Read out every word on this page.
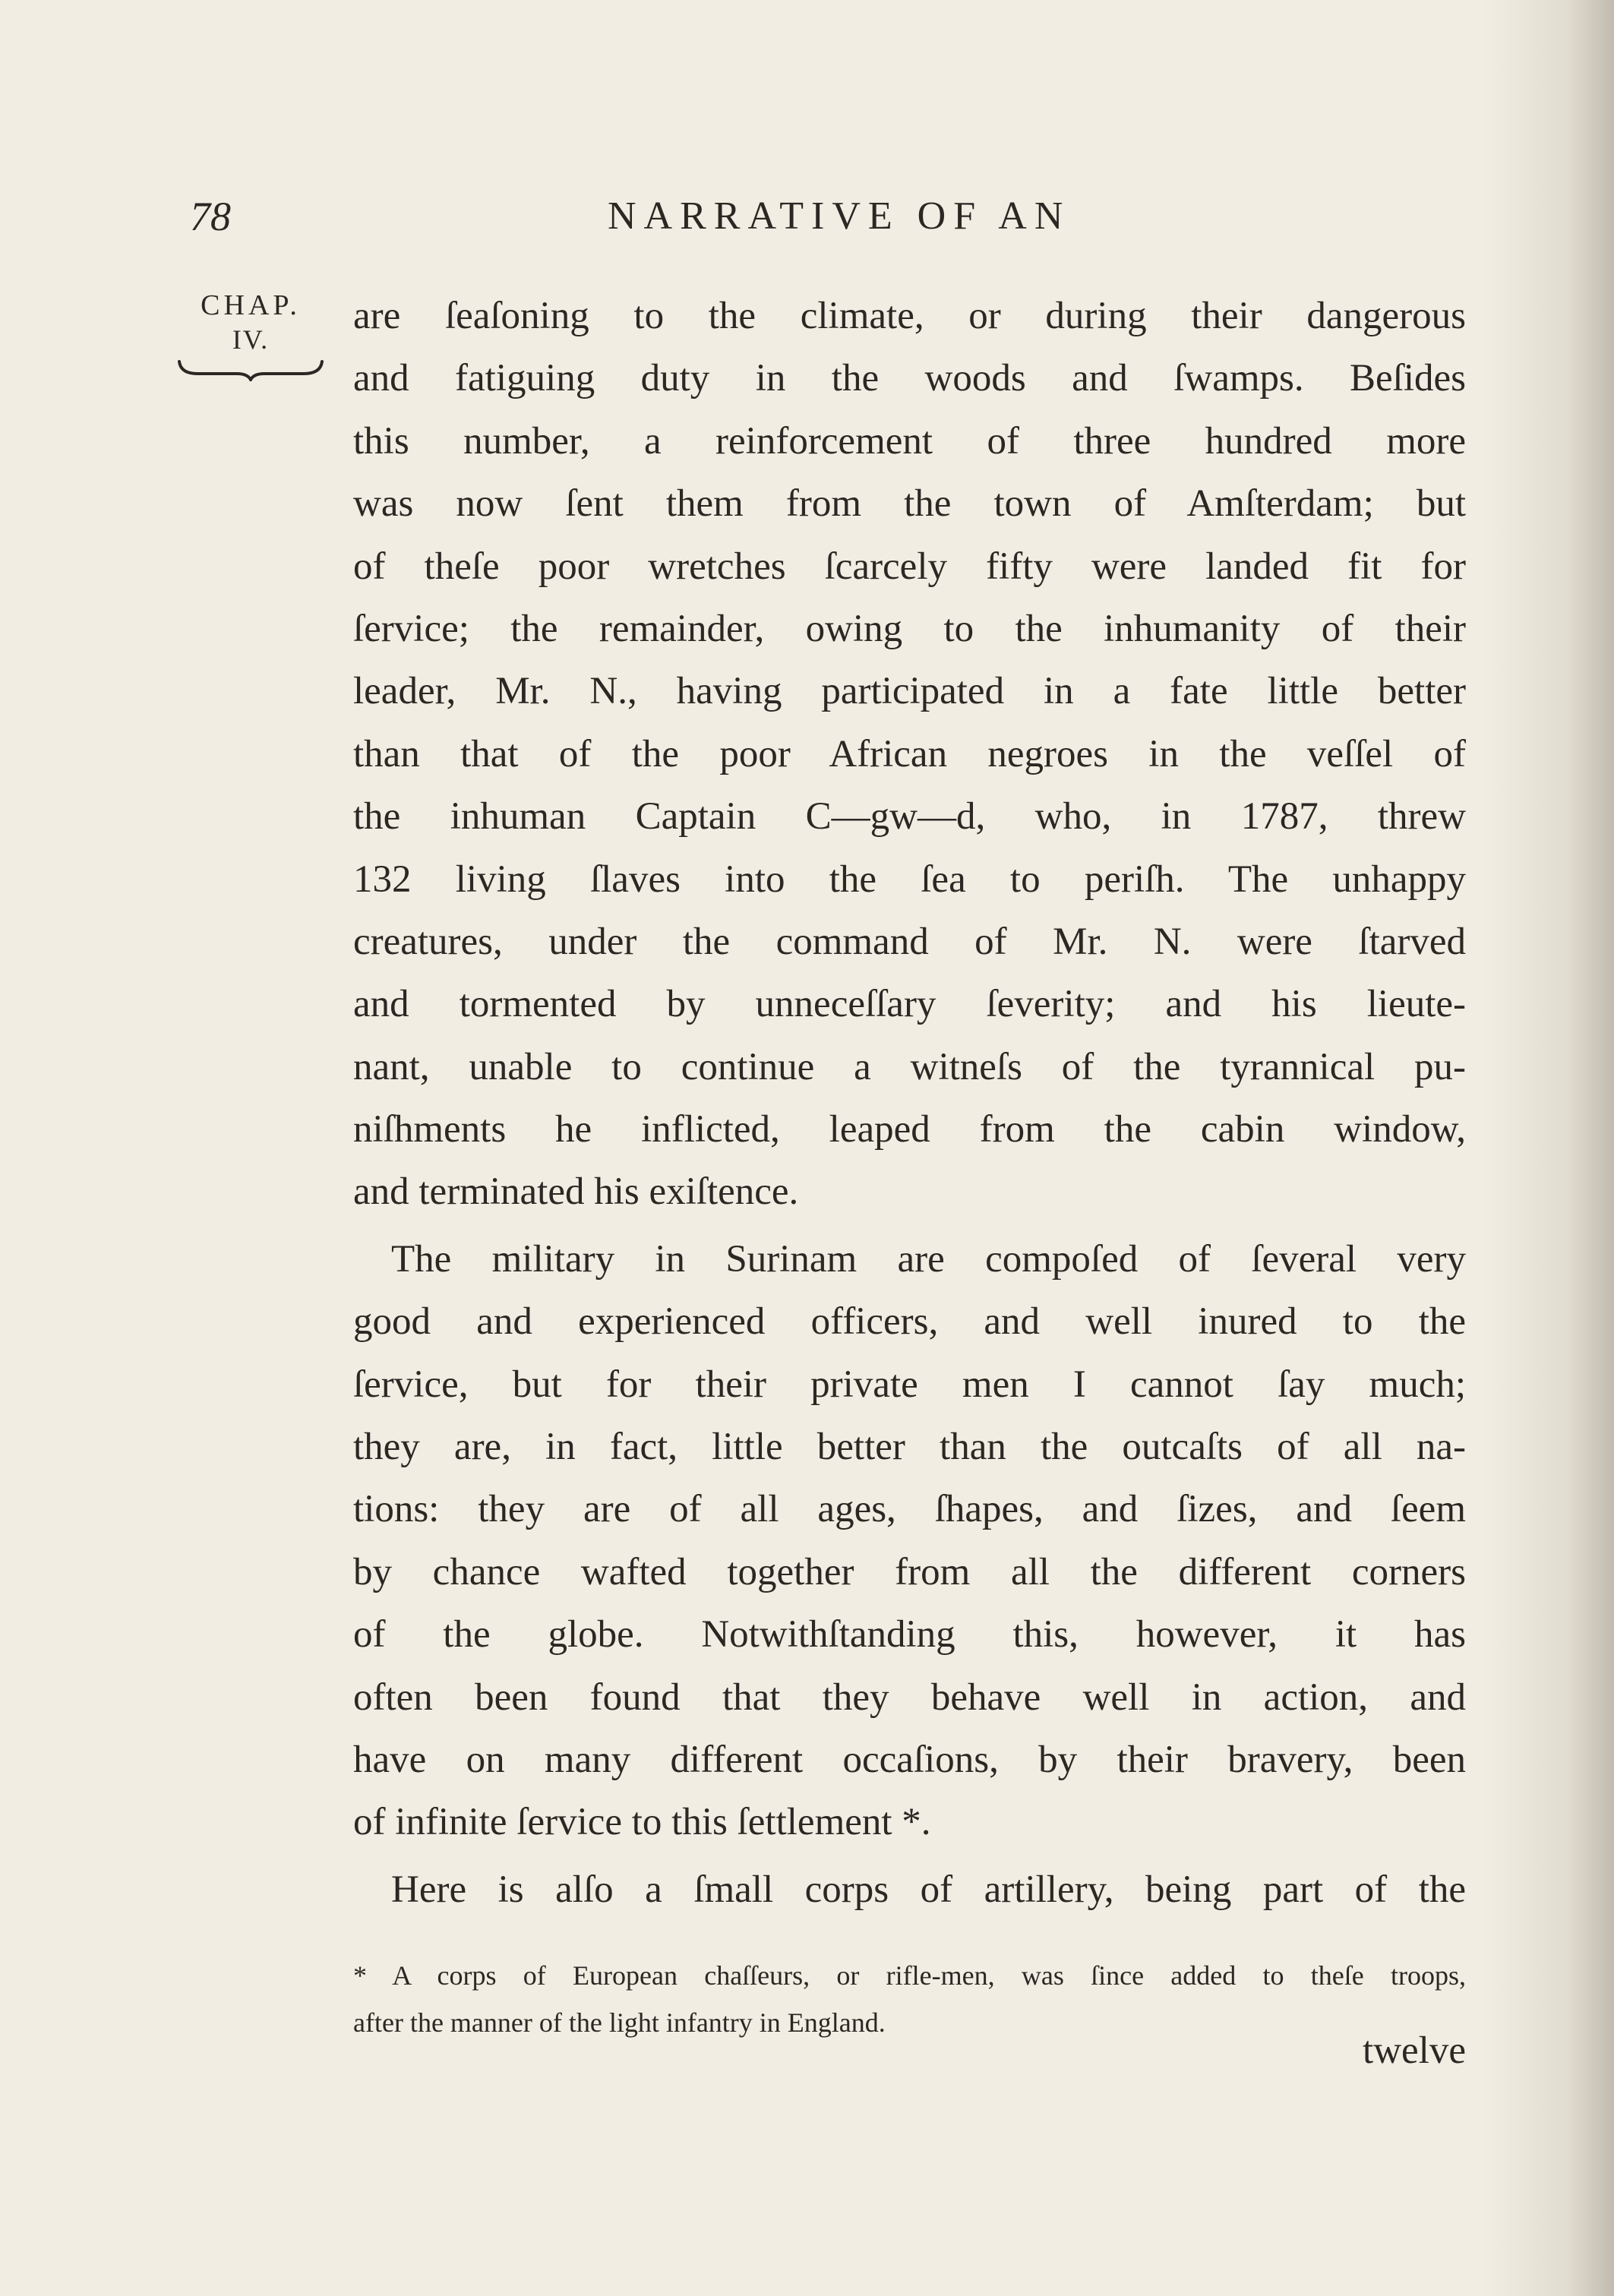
78	NARRATIVE OF AN
CHAP.
IV.
are ſeaſoning to the climate, or during their dangerous
and fatiguing duty in the woods and ſwamps. Beſides
this number, a reinforcement of three hundred more
was now ſent them from the town of Amſterdam; but
of theſe poor wretches ſcarcely fifty were landed fit for
ſervice; the remainder, owing to the inhumanity of their
leader, Mr. N., having participated in a fate little better
than that of the poor African negroes in the veſſel of
the inhuman Captain C—gw—d, who, in 1787, threw
132 living ſlaves into the ſea to periſh. The unhappy
creatures, under the command of Mr. N. were ſtarved
and tormented by unneceſſary ſeverity; and his lieute-
nant, unable to continue a witneſs of the tyrannical pu-
niſhments he inflicted, leaped from the cabin window,
and terminated his exiſtence.
The military in Surinam are compoſed of ſeveral very
good and experienced officers, and well inured to the
ſervice, but for their private men I cannot ſay much;
they are, in fact, little better than the outcaſts of all na-
tions: they are of all ages, ſhapes, and ſizes, and ſeem
by chance wafted together from all the different corners
of the globe. Notwithſtanding this, however, it has
often been found that they behave well in action, and
have on many different occaſions, by their bravery, been
of infinite ſervice to this ſettlement *.
Here is alſo a ſmall corps of artillery, being part of the
* A corps of European chaſſeurs, or rifle-men, was ſince added to theſe troops,
after the manner of the light infantry in England.
twelve
